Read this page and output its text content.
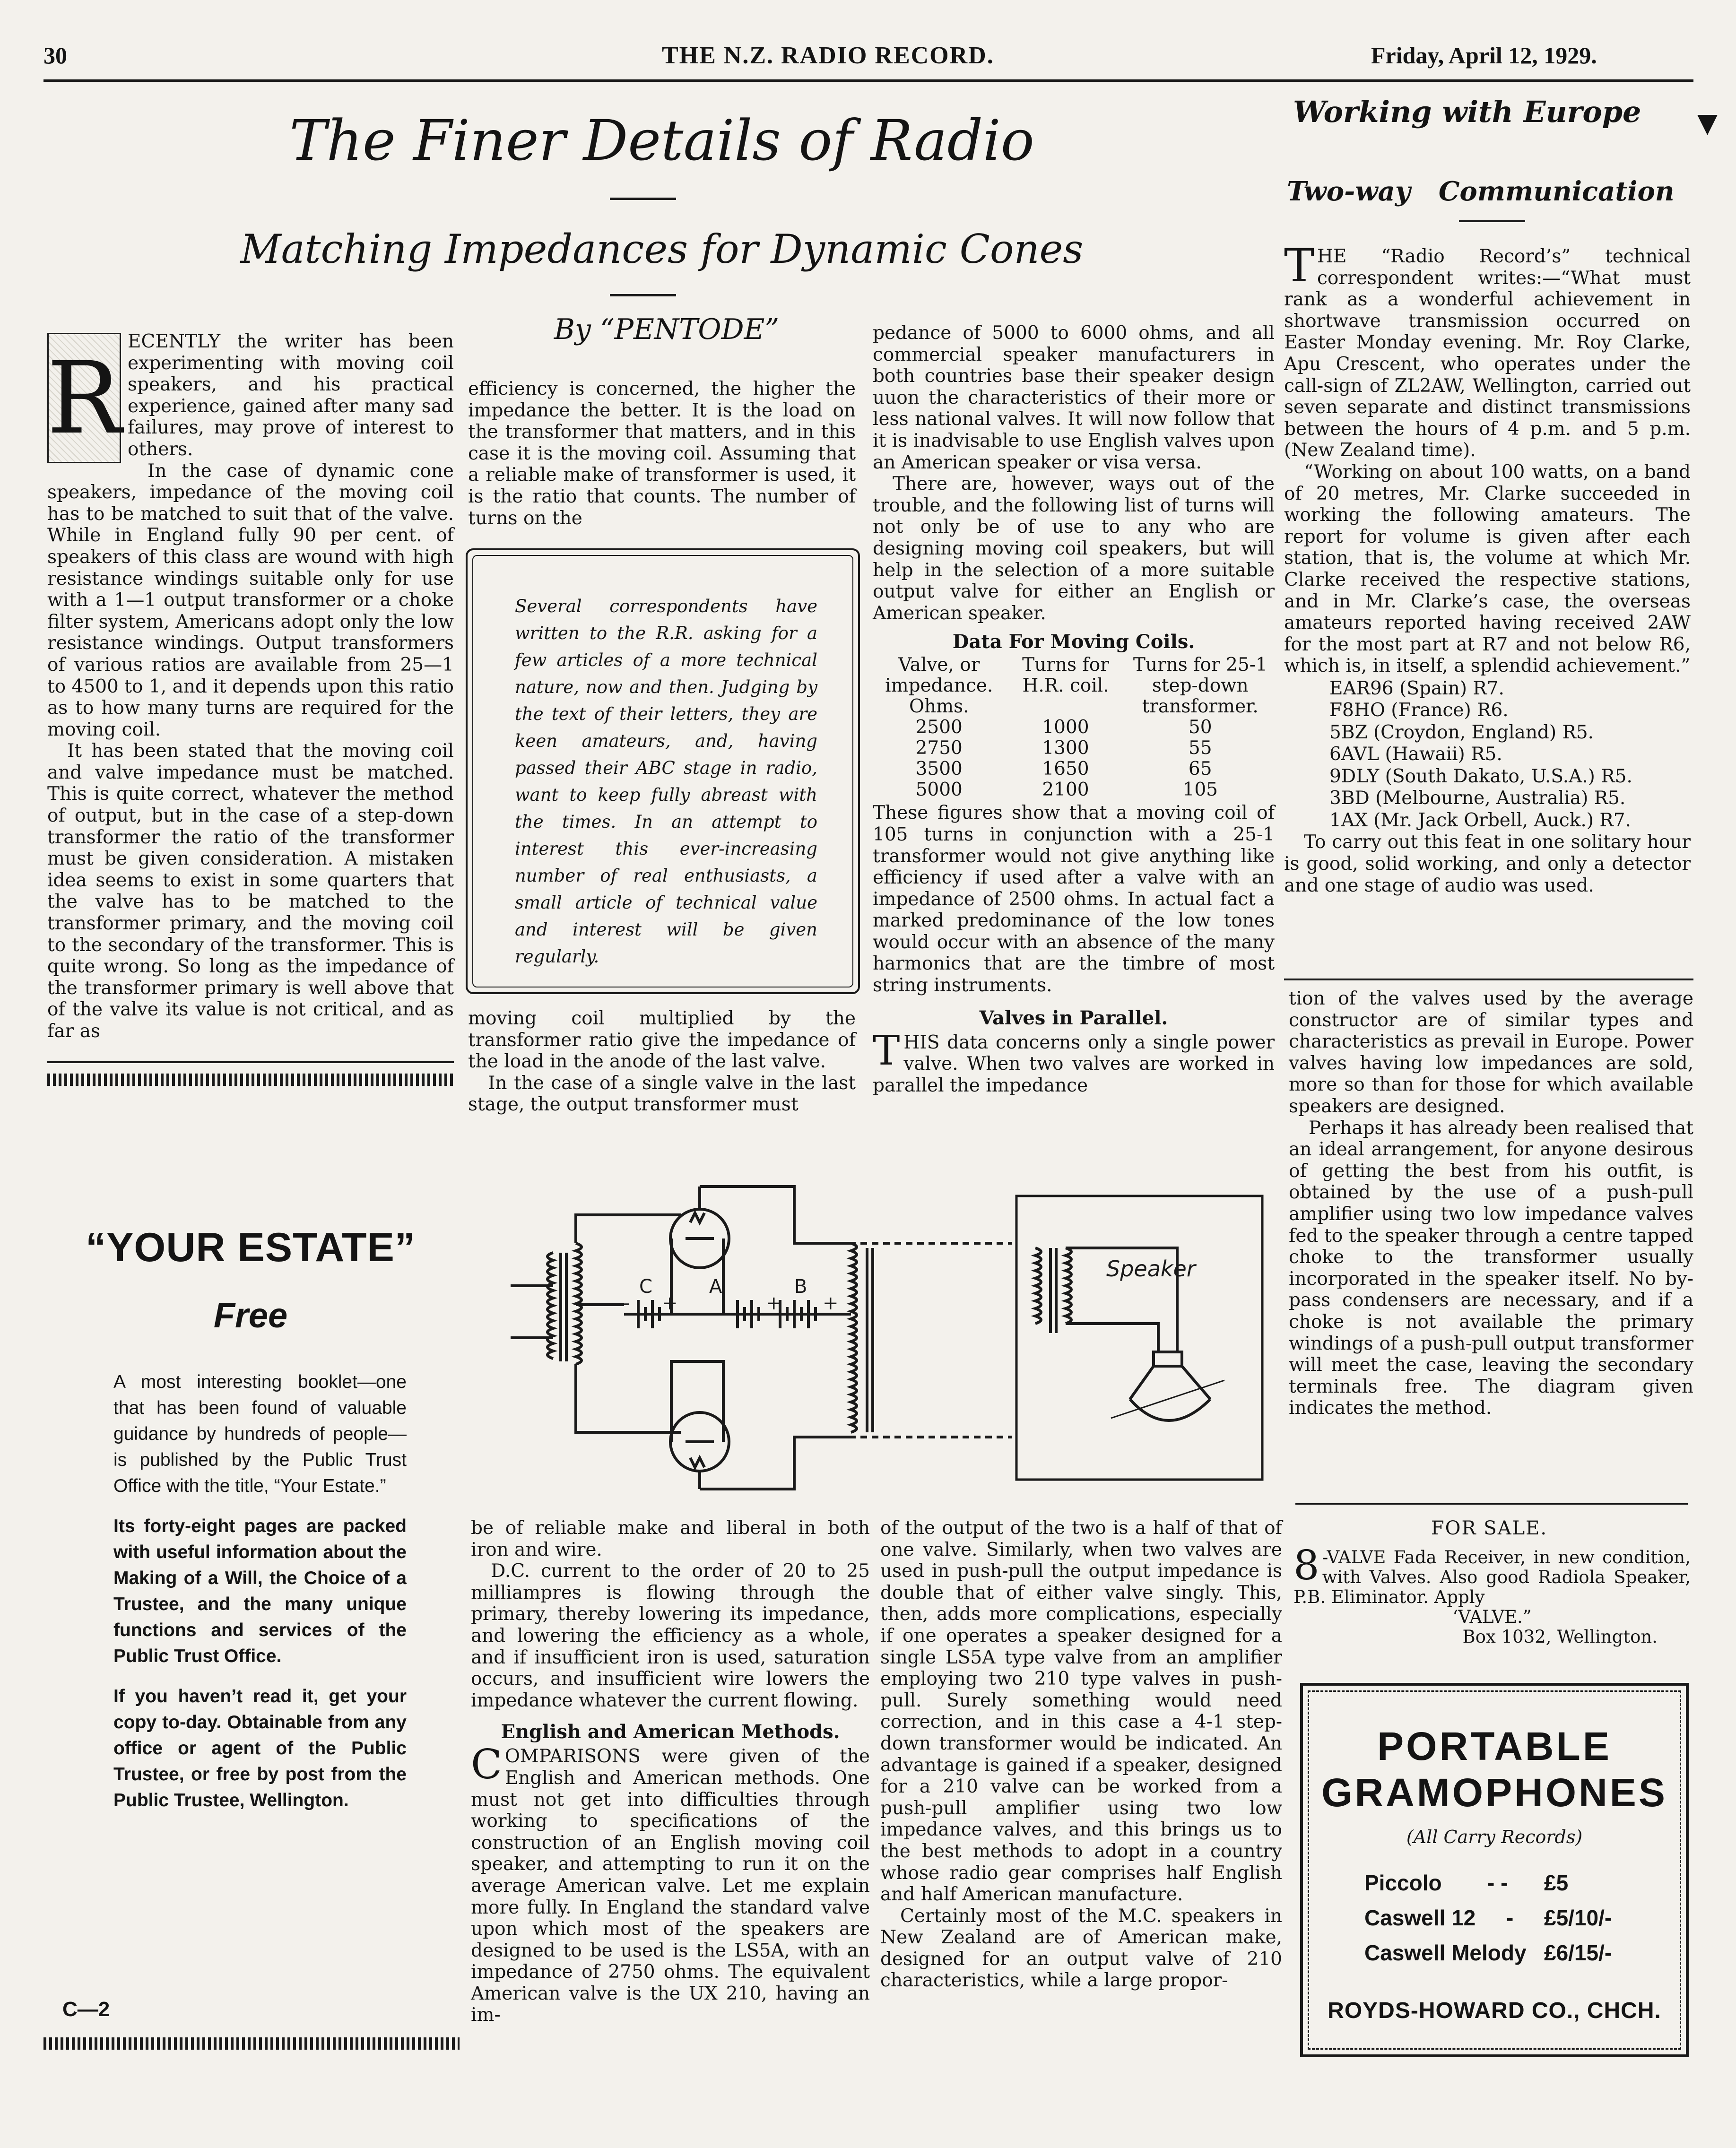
30	THE N.Z. RADIO RECORD.	Friday, April 12, 1929.
The Finer Details of Radio
Matching Impedances for Dynamic Cones
R ECENTLY the writer has been experimenting with moving coil speakers, and his practical experience, gained after many sad failures, may prove of interest to others.

In the case of dynamic cone speakers, impedance of the moving coil has to be matched to suit that of the valve. While in England fully 90 per cent. of speakers of this class are wound with high resistance windings suitable only for use with a 1—1 output transformer or a choke filter system, Americans adopt only the low resistance windings. Output transformers of various ratios are available from 25—1 to 4500 to 1, and it depends upon this ratio as to how many turns are required for the moving coil.

It has been stated that the moving coil and valve impedance must be matched. This is quite correct, whatever the method of output, but in the case of a step-down transformer the ratio of the transformer must be given consideration. A mistaken idea seems to exist in some quarters that the valve has to be matched to the transformer primary, and the moving coil to the secondary of the transformer. This is quite wrong. So long as the impedance of the transformer primary is well above that of the valve its value is not critical, and as far as

By “PENTODE”

efficiency is concerned, the higher the impedance the better. It is the load on the transformer that matters, and in this case it is the moving coil. Assuming that a reliable make of transformer is used, it is the ratio that counts. The number of turns on the

Several correspondents have written to the R.R. asking for a few articles of a more technical nature, now and then. Judging by the text of their letters, they are keen amateurs, and, having passed their ABC stage in radio, want to keep fully abreast with the times. In an attempt to interest this ever-increasing number of real enthusiasts, a small article of technical value and interest will be given regularly.

moving coil multiplied by the transformer ratio give the impedance of the load in the anode of the last valve.

In the case of a single valve in the last stage, the output transformer must

pedance of 5000 to 6000 ohms, and all commercial speaker manufacturers in both countries base their speaker design uuon the characteristics of their more or less national valves. It will now follow that it is inadvisable to use English valves upon an American speaker or visa versa.

There are, however, ways out of the trouble, and the following list of turns will not only be of use to any who are designing moving coil speakers, but will help in the selection of a more suitable output valve for either an English or American speaker.

Data For Moving Coils.
Valve, or impedance. Ohms.	Turns for H.R. coil.	Turns for 25-1 step-down transformer.
2500	1000	50
2750	1300	55
3500	1650	65
5000	2100	105

These figures show that a moving coil of 105 turns in conjunction with a 25-1 transformer would not give anything like efficiency if used after a valve with an impedance of 2500 ohms. In actual fact a marked predominance of the low tones would occur with an absence of the many harmonics that are the timbre of most string instruments.

Valves in Parallel.
T HIS data concerns only a single power valve. When two valves are worked in parallel the impedance

Working with Europe	▼
Two-way Communication
T HE “Radio Record’s” technical correspondent writes:—“What must rank as a wonderful achievement in shortwave transmission occurred on Easter Monday evening. Mr. Roy Clarke, Apu Crescent, who operates under the call-sign of ZL2AW, Wellington, carried out seven separate and distinct transmissions between the hours of 4 p.m. and 5 p.m. (New Zealand time).

“Working on about 100 watts, on a band of 20 metres, Mr. Clarke succeeded in working the following amateurs. The report for volume is given after each station, that is, the volume at which Mr. Clarke received the respective stations, and in Mr. Clarke’s case, the overseas amateurs reported having received 2AW for the most part at R7 and not below R6, which is, in itself, a splendid achievement.”

EAR96 (Spain) R7.
F8HO (France) R6.
5BZ (Croydon, England) R5.
6AVL (Hawaii) R5.
9DLY (South Dakato, U.S.A.) R5.
3BD (Melbourne, Australia) R5.
1AX (Mr. Jack Orbell, Auck.) R7.

To carry out this feat in one solitary hour is good, solid working, and only a detector and one stage of audio was used.

tion of the valves used by the average constructor are of similar types and characteristics as prevail in Europe. Power valves having low impedances are sold, more so than for those for which available speakers are designed.

Perhaps it has already been realised that an ideal arrangement, for anyone desirous of getting the best from his outfit, is obtained by the use of a push-pull amplifier using two low impedance valves fed to the speaker through a centre tapped choke to the transformer usually incorporated in the speaker itself. No by-pass condensers are necessary, and if a choke is not available the primary windings of a push-pull output transformer will meet the case, leaving the secondary terminals free. The diagram given indicates the method.

C	A	B
- +	+ +
Speaker

be of reliable make and liberal in both iron and wire.

D.C. current to the order of 20 to 25 milliampres is flowing through the primary, thereby lowering its impedance, and lowering the efficiency as a whole, and if insufficient iron is used, saturation occurs, and insufficient wire lowers the impedance whatever the current flowing.

English and American Methods.
C OMPARISONS were given of the English and American methods. One must not get into difficulties through working to specifications of the construction of an English moving coil speaker, and attempting to run it on the average American valve. Let me explain more fully. In England the standard valve upon which most of the speakers are designed to be used is the LS5A, with an impedance of 2750 ohms. The equivalent American valve is the UX 210, having an im-

of the output of the two is a half of that of one valve. Similarly, when two valves are used in push-pull the output impedance is double that of either valve singly. This, then, adds more complications, especially if one operates a speaker designed for a single LS5A type valve from an amplifier employing two 210 type valves in push-pull. Surely something would need correction, and in this case a 4-1 step-down transformer would be indicated. An advantage is gained if a speaker, designed for a 210 valve can be worked from a push-pull amplifier using two low impedance valves, and this brings us to the best methods to adopt in a country whose radio gear comprises half English and half American manufacture.

Certainly most of the M.C. speakers in New Zealand are of American make, designed for an output valve of 210 characteristics, while a large propor-

“YOUR ESTATE”
Free

A most interesting booklet—one that has been found of valuable guidance by hundreds of people—is published by the Public Trust Office with the title, “Your Estate.”

Its forty-eight pages are packed with useful information about the Making of a Will, the Choice of a Trustee, and the many unique functions and services of the Public Trust Office.

If you haven’t read it, get your copy to-day. Obtainable from any office or agent of the Public Trustee, or free by post from the Public Trustee, Wellington.

C—2
FOR SALE.
8 -VALVE Fada Receiver, in new condition, with Valves. Also good Radiola Speaker, P.B. Eliminator. Apply
‘VALVE.”
Box 1032, Wellington.
PORTABLE
GRAMOPHONES
(All Carry Records)
Piccolo	- -	£5
Caswell 12	-	£5/10/-
Caswell Melody £6/15/-
ROYDS-HOWARD CO., CHCH.
